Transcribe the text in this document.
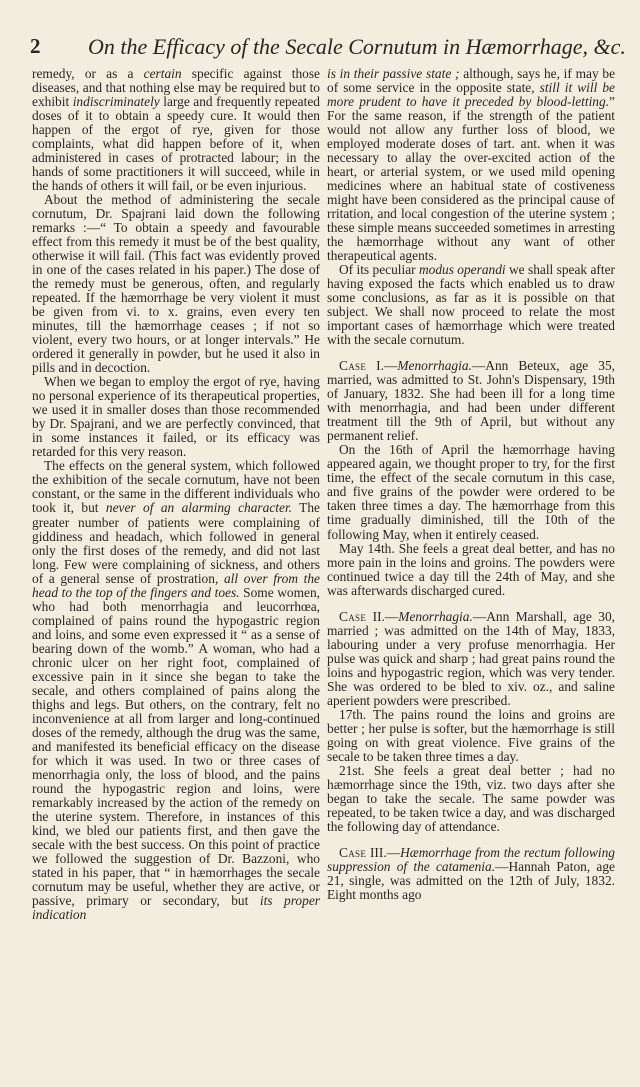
2 On the Efficacy of the Secale Cornutum in Hæmorrhage, &c.

remedy, or as a certain specific against those diseases, and that nothing else may be required but to exhibit indiscriminately large and frequently repeated doses of it to obtain a speedy cure. It would then happen of the ergot of rye, given for those complaints, what did happen before of it, when administered in cases of protracted labour; in the hands of some practitioners it will succeed, while in the hands of others it will fail, or be even injurious.

About the method of administering the secale cornutum, Dr. Spajrani laid down the following remarks :—“ To obtain a speedy and favourable effect from this remedy it must be of the best quality, otherwise it will fail. (This fact was evidently proved in one of the cases related in his paper.) The dose of the remedy must be generous, often, and regularly repeated. If the hæmorrhage be very violent it must be given from vi. to x. grains, even every ten minutes, till the hæmorrhage ceases ; if not so violent, every two hours, or at longer intervals.” He ordered it generally in powder, but he used it also in pills and in decoction.

When we began to employ the ergot of rye, having no personal experience of its therapeutical properties, we used it in smaller doses than those recommended by Dr. Spajrani, and we are perfectly convinced, that in some instances it failed, or its efficacy was retarded for this very reason.

The effects on the general system, which followed the exhibition of the secale cornutum, have not been constant, or the same in the different individuals who took it, but never of an alarming character. The greater number of patients were complaining of giddiness and headach, which followed in general only the first doses of the remedy, and did not last long. Few were complaining of sickness, and others of a general sense of prostration, all over from the head to the top of the fingers and toes. Some women, who had both menorrhagia and leucorrhœa, complained of pains round the hypogastric region and loins, and some even expressed it “ as a sense of bearing down of the womb.” A woman, who had a chronic ulcer on her right foot, complained of excessive pain in it since she began to take the secale, and others complained of pains along the thighs and legs. But others, on the contrary, felt no inconvenience at all from larger and long-continued doses of the remedy, although the drug was the same, and manifested its beneficial efficacy on the disease for which it was used. In two or three cases of menorrhagia only, the loss of blood, and the pains round the hypogastric region and loins, were remarkably increased by the action of the remedy on the uterine system. Therefore, in instances of this kind, we bled our patients first, and then gave the secale with the best success. On this point of practice we followed the suggestion of Dr. Bazzoni, who stated in his paper, that “ in hæmorrhages the secale cornutum may be useful, whether they are active, or passive, primary or secondary, but its proper indication

is in their passive state ; although, says he, if may be of some service in the opposite state, still it will be more prudent to have it preceded by blood-letting.” For the same reason, if the strength of the patient would not allow any further loss of blood, we employed moderate doses of tart. ant. when it was necessary to allay the over-excited action of the heart, or arterial system, or we used mild opening medicines where an habitual state of costiveness might have been considered as the principal cause of rritation, and local congestion of the uterine system ; these simple means succeeded sometimes in arresting the hæmorrhage without any want of other therapeutical agents.

Of its peculiar modus operandi we shall speak after having exposed the facts which enabled us to draw some conclusions, as far as it is possible on that subject. We shall now proceed to relate the most important cases of hæmorrhage which were treated with the secale cornutum.

Case I.—Menorrhagia.—Ann Beteux, age 35, married, was admitted to St. John's Dispensary, 19th of January, 1832. She had been ill for a long time with menorrhagia, and had been under different treatment till the 9th of April, but without any permanent relief.

On the 16th of April the hæmorrhage having appeared again, we thought proper to try, for the first time, the effect of the secale cornutum in this case, and five grains of the powder were ordered to be taken three times a day. The hæmorrhage from this time gradually diminished, till the 10th of the following May, when it entirely ceased.

May 14th. She feels a great deal better, and has no more pain in the loins and groins. The powders were continued twice a day till the 24th of May, and she was afterwards discharged cured.

Case II.—Menorrhagia.—Ann Marshall, age 30, married ; was admitted on the 14th of May, 1833, labouring under a very profuse menorrhagia. Her pulse was quick and sharp ; had great pains round the loins and hypogastric region, which was very tender. She was ordered to be bled to xiv. oz., and saline aperient powders were prescribed.

17th. The pains round the loins and groins are better ; her pulse is softer, but the hæmorrhage is still going on with great violence. Five grains of the secale to be taken three times a day.

21st. She feels a great deal better ; had no hæmorrhage since the 19th, viz. two days after she began to take the secale. The same powder was repeated, to be taken twice a day, and was discharged the following day of attendance.

Case III.—Hæmorrhage from the rectum following suppression of the catamenia.—Hannah Paton, age 21, single, was admitted on the 12th of July, 1832. Eight months ago
